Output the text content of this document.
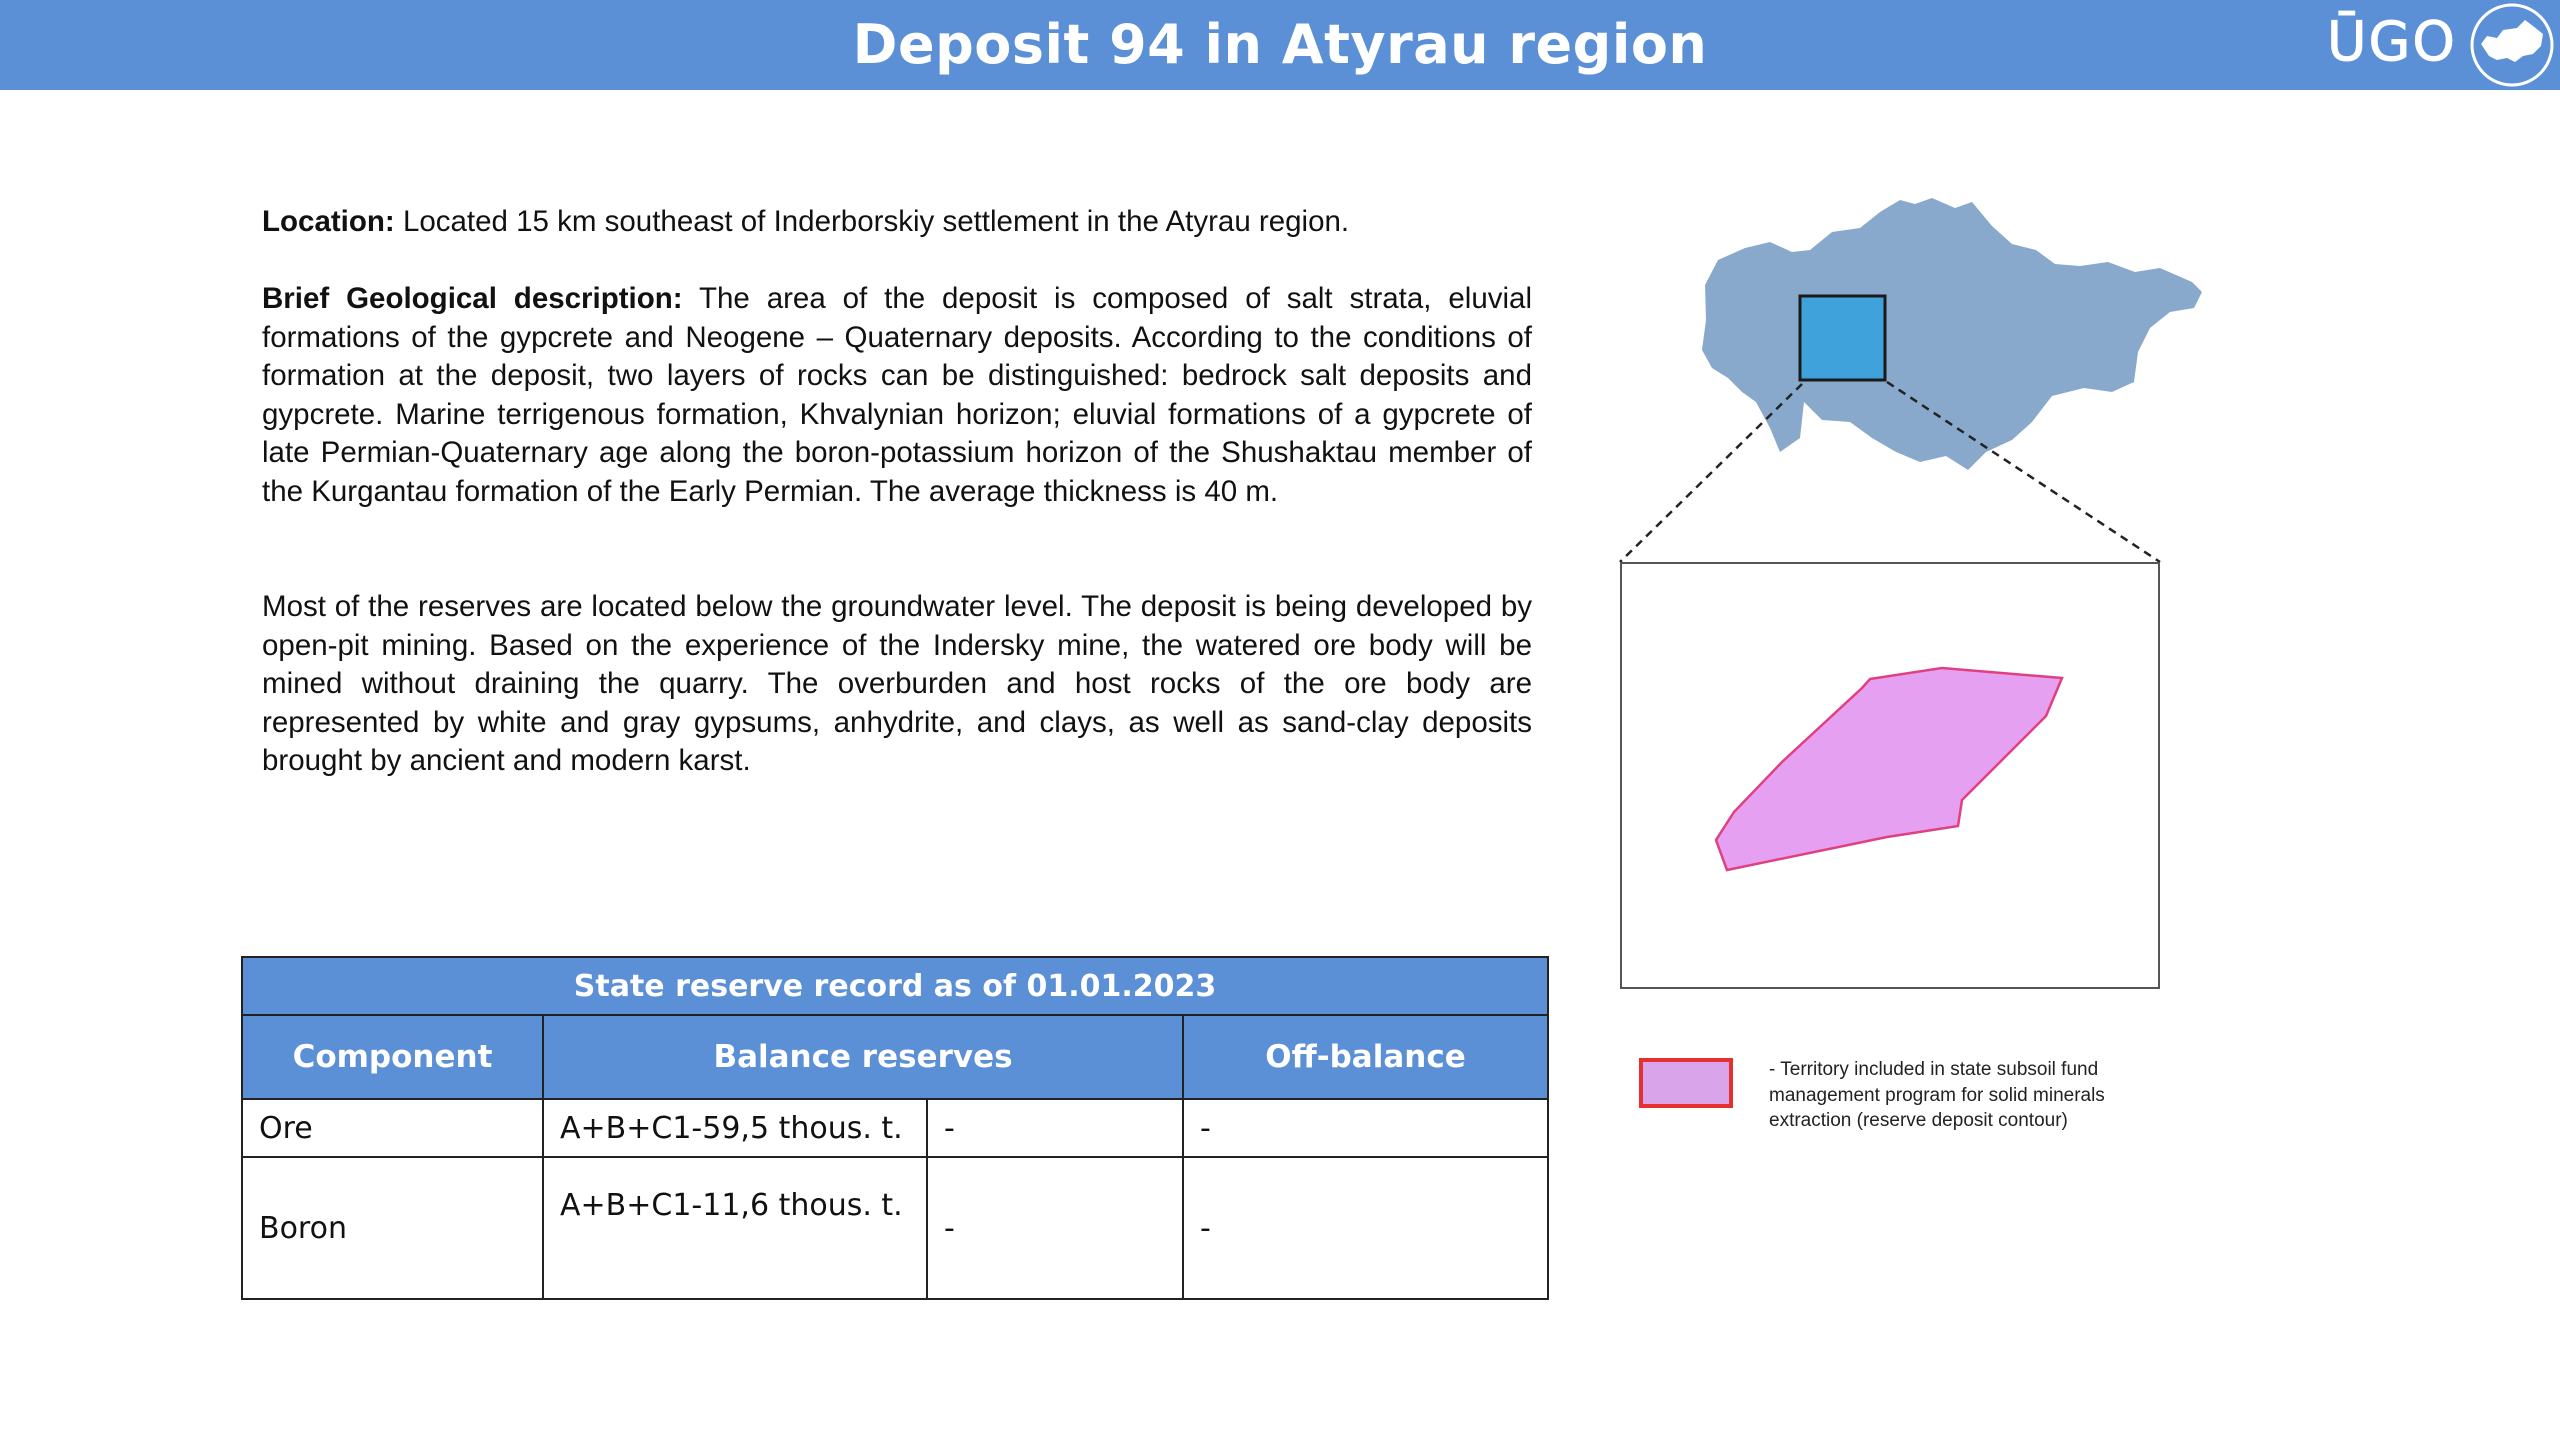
Deposit 94 in Atyrau region	ŪGO

Location: Located 15 km southeast of Inderborskiy settlement in the Atyrau region.

Brief Geological description: The area of the deposit is composed of salt strata, eluvial formations of the gypcrete and Neogene – Quaternary deposits. According to the conditions of formation at the deposit, two layers of rocks can be distinguished: bedrock salt deposits and gypcrete. Marine terrigenous formation, Khvalynian horizon; eluvial formations of a gypcrete of late Permian-Quaternary age along the boron-potassium horizon of the Shushaktau member of the Kurgantau formation of the Early Permian. The average thickness is 40 m.

Most of the reserves are located below the groundwater level. The deposit is being developed by open-pit mining. Based on the experience of the Indersky mine, the watered ore body will be mined without draining the quarry. The overburden and host rocks of the ore body are represented by white and gray gypsums, anhydrite, and clays, as well as sand-clay deposits brought by ancient and modern karst.

- Territory included in state subsoil fund management program for solid minerals extraction (reserve deposit contour)
State reserve record as of 01.01.2023			
Component	Balance reserves		Off-balance
Ore	A+B+C1-59,5 thous. t.	-	-
Boron	A+B+C1-11,6 thous. t.	-	-
